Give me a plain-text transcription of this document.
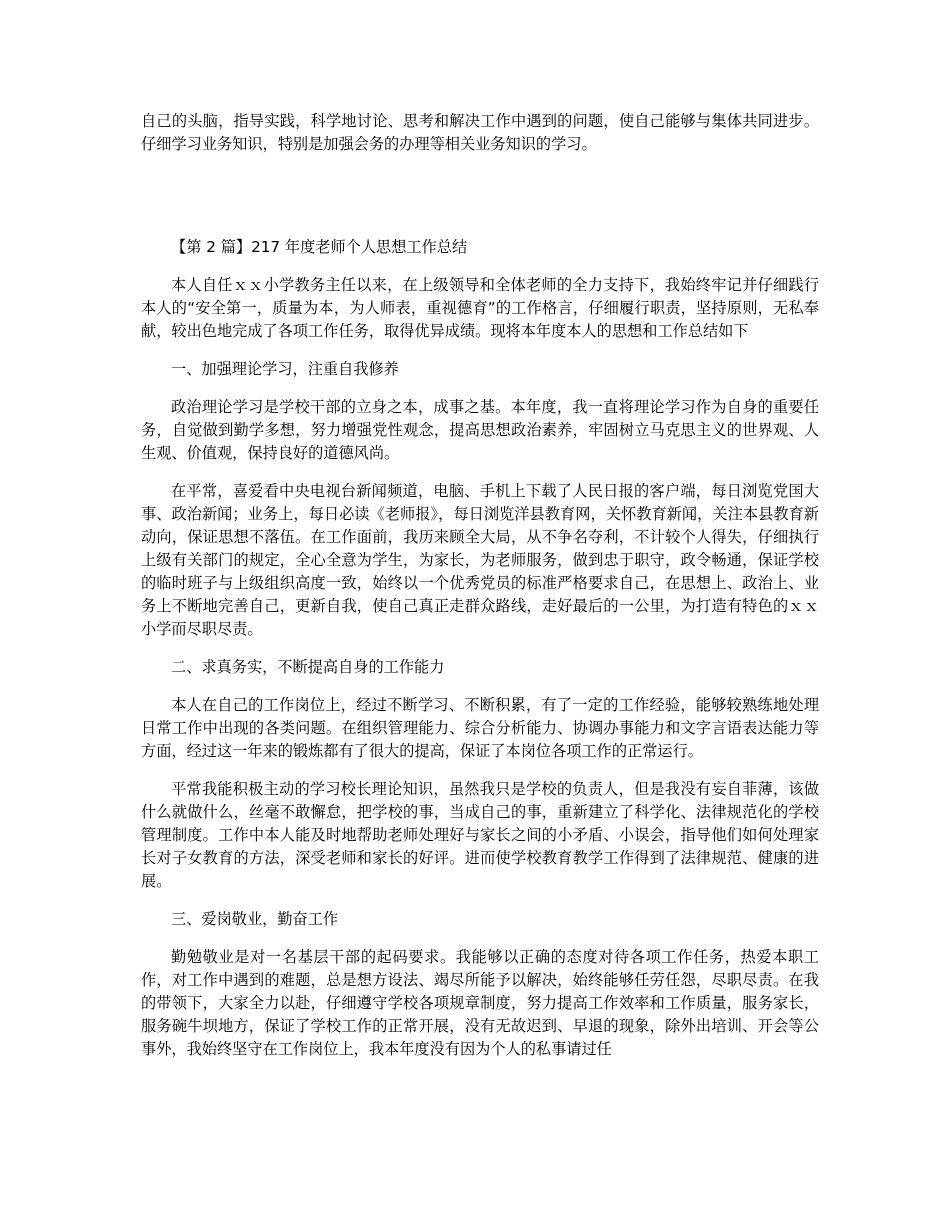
自己的头脑，指导实践，科学地讨论、思考和解决工作中遇到的问题，使自己能够与集体共同进步。仔细学习业务知识，特别是加强会务的办理等相关业务知识的学习。

【第 2 篇】217 年度老师个人思想工作总结

本人自任ｘｘ小学教务主任以来，在上级领导和全体老师的全力支持下，我始终牢记并仔细践行本人的“安全第一，质量为本，为人师表，重视德育”的工作格言，仔细履行职责，坚持原则，无私奉献，较出色地完成了各项工作任务，取得优异成绩。现将本年度本人的思想和工作总结如下

一、加强理论学习，注重自我修养

政治理论学习是学校干部的立身之本，成事之基。本年度，我一直将理论学习作为自身的重要任务，自觉做到勤学多想，努力增强党性观念，提高思想政治素养，牢固树立马克思主义的世界观、人生观、价值观，保持良好的道德风尚。

在平常，喜爱看中央电视台新闻频道，电脑、手机上下载了人民日报的客户端，每日浏览党国大事、政治新闻；业务上，每日必读《老师报》，每日浏览洋县教育网，关怀教育新闻，关注本县教育新动向，保证思想不落伍。在工作面前，我历来顾全大局，从不争名夺利，不计较个人得失，仔细执行上级有关部门的规定，全心全意为学生，为家长，为老师服务，做到忠于职守，政令畅通，保证学校的临时班子与上级组织高度一致，始终以一个优秀党员的标准严格要求自己，在思想上、政治上、业务上不断地完善自己，更新自我，使自己真正走群众路线，走好最后的一公里，为打造有特色的ｘｘ小学而尽职尽责。

二、求真务实，不断提高自身的工作能力

本人在自己的工作岗位上，经过不断学习、不断积累，有了一定的工作经验，能够较熟练地处理日常工作中出现的各类问题。在组织管理能力、综合分析能力、协调办事能力和文字言语表达能力等方面，经过这一年来的锻炼都有了很大的提高，保证了本岗位各项工作的正常运行。

平常我能积极主动的学习校长理论知识，虽然我只是学校的负责人，但是我没有妄自菲薄，该做什么就做什么，丝毫不敢懈怠，把学校的事，当成自己的事，重新建立了科学化、法律规范化的学校管理制度。工作中本人能及时地帮助老师处理好与家长之间的小矛盾、小误会，指导他们如何处理家长对子女教育的方法，深受老师和家长的好评。进而使学校教育教学工作得到了法律规范、健康的进展。

三、爱岗敬业，勤奋工作

勤勉敬业是对一名基层干部的起码要求。我能够以正确的态度对待各项工作任务，热爱本职工作，对工作中遇到的难题，总是想方设法、竭尽所能予以解决，始终能够任劳任怨，尽职尽责。在我的带领下，大家全力以赴，仔细遵守学校各项规章制度，努力提高工作效率和工作质量，服务家长，服务碗牛坝地方，保证了学校工作的正常开展，没有无故迟到、早退的现象，除外出培训、开会等公事外，我始终坚守在工作岗位上，我本年度没有因为个人的私事请过任
